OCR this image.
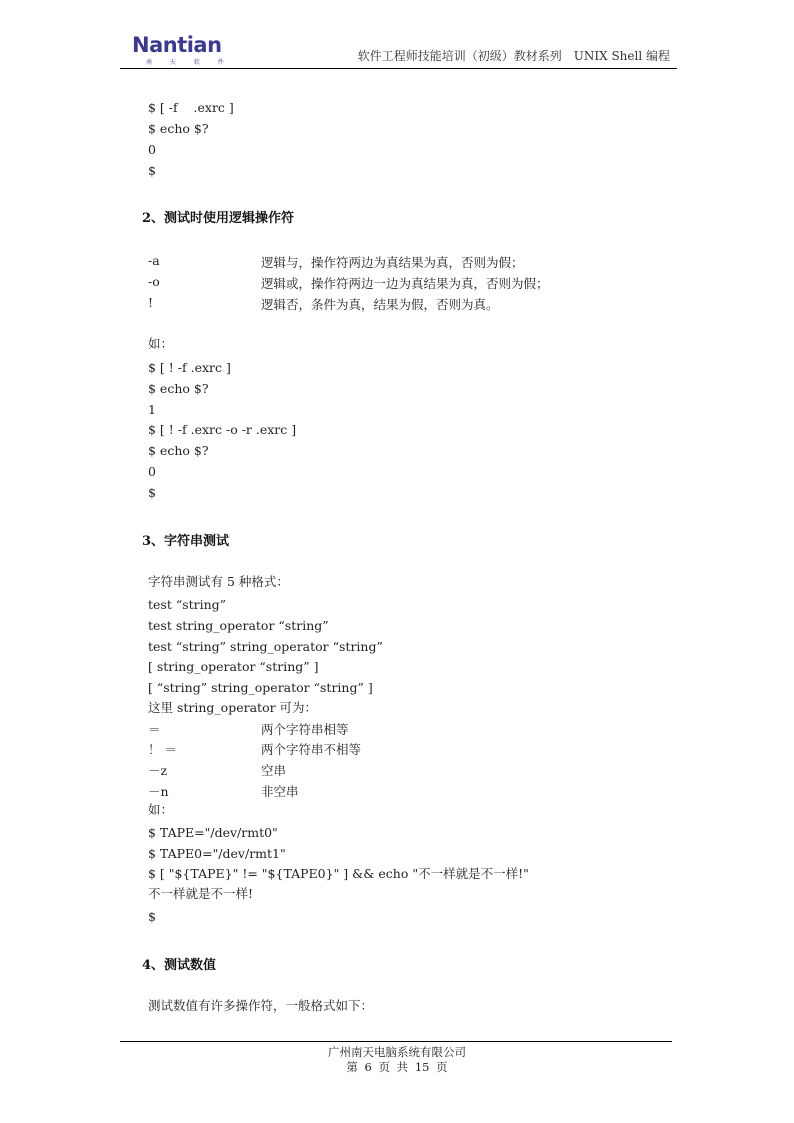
Nantian
南 天 软 件	软件工程师技能培训（初级）教材系列　UNIX Shell 编程
$ [ -f    .exrc ]
$ echo $?
0
$
2、测试时使用逻辑操作符
-a	逻辑与，操作符两边为真结果为真，否则为假；
-o	逻辑或，操作符两边一边为真结果为真，否则为假；
!	逻辑否，条件为真，结果为假，否则为真。
如：
$ [ ! -f .exrc ]
$ echo $?
1
$ [ ! -f .exrc -o -r .exrc ]
$ echo $?
0
$
3、字符串测试
字符串测试有 5 种格式：
test “string”
test string_operator “string”
test “string” string_operator “string”
[ string_operator “string” ]
[ “string” string_operator “string” ]
这里 string_operator 可为：
＝	两个字符串相等
！ ＝	两个字符串不相等
－z	空串
－n	非空串
如：
$ TAPE="/dev/rmt0"
$ TAPE0="/dev/rmt1"
$ [ "${TAPE}" != "${TAPE0}" ] && echo "不一样就是不一样!"
不一样就是不一样!
$
4、测试数值
测试数值有许多操作符，一般格式如下：
广州南天电脑系统有限公司
第 6 页 共 15 页
